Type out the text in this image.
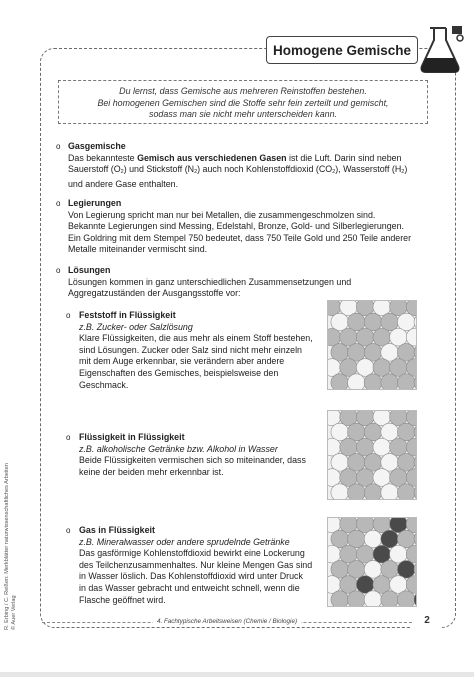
Homogene Gemische
Du lernst, dass Gemische aus mehreren Reinstoffen bestehen.
Bei homogenen Gemischen sind die Stoffe sehr fein zerteilt und gemischt,
sodass man sie nicht mehr unterscheiden kann.
o Gasgemische
Das bekannteste Gemisch aus verschiedenen Gasen ist die Luft. Darin sind neben
Sauerstoff $(O_2)$ und Stickstoff $(N_2)$ auch noch Kohlenstoffdioxid $(CO_2)$, Wasserstoff $(H_2)$
und andere Gase enthalten.
o Legierungen
Von Legierung spricht man nur bei Metallen, die zusammengeschmolzen sind.
Bekannte Legierungen sind Messing, Edelstahl, Bronze, Gold- und Silberlegierungen.
Ein Goldring mit dem Stempel 750 bedeutet, dass 750 Teile Gold und 250 Teile anderer
Metalle miteinander vermischt sind.
o Lösungen
Lösungen kommen in ganz unterschiedlichen Zusammensetzungen und
Aggregatzuständen der Ausgangsstoffe vor:
o Feststoff in Flüssigkeit
z.B. Zucker- oder Salzlösung
Klare Flüssigkeiten, die aus mehr als einem Stoff bestehen,
sind Lösungen. Zucker oder Salz sind nicht mehr einzeln
mit dem Auge erkennbar, sie verändern aber andere
Eigenschaften des Gemisches, beispielsweise den
Geschmack.
o Flüssigkeit in Flüssigkeit
z.B. alkoholische Getränke bzw. Alkohol in Wasser
Beide Flüssigkeiten vermischen sich so miteinander, dass
keine der beiden mehr erkennbar ist.
o Gas in Flüssigkeit
z.B. Mineralwasser oder andere sprudelnde Getränke
Das gasförmige Kohlenstoffdioxid bewirkt eine Lockerung
des Teilchenzusammenhaltes. Nur kleine Mengen Gas sind
in Wasser löslich. Das Kohlenstoffdioxid wird unter Druck
in das Wasser gebracht und entweicht schnell, wenn die
Flasche geöffnet wird.
R. Erbing / C. Reißen: Merkblätter naturwissenschaftliches Arbeiten © Auer Verlag	4. Fachtypische Arbeitsweisen (Chemie / Biologie)	2
